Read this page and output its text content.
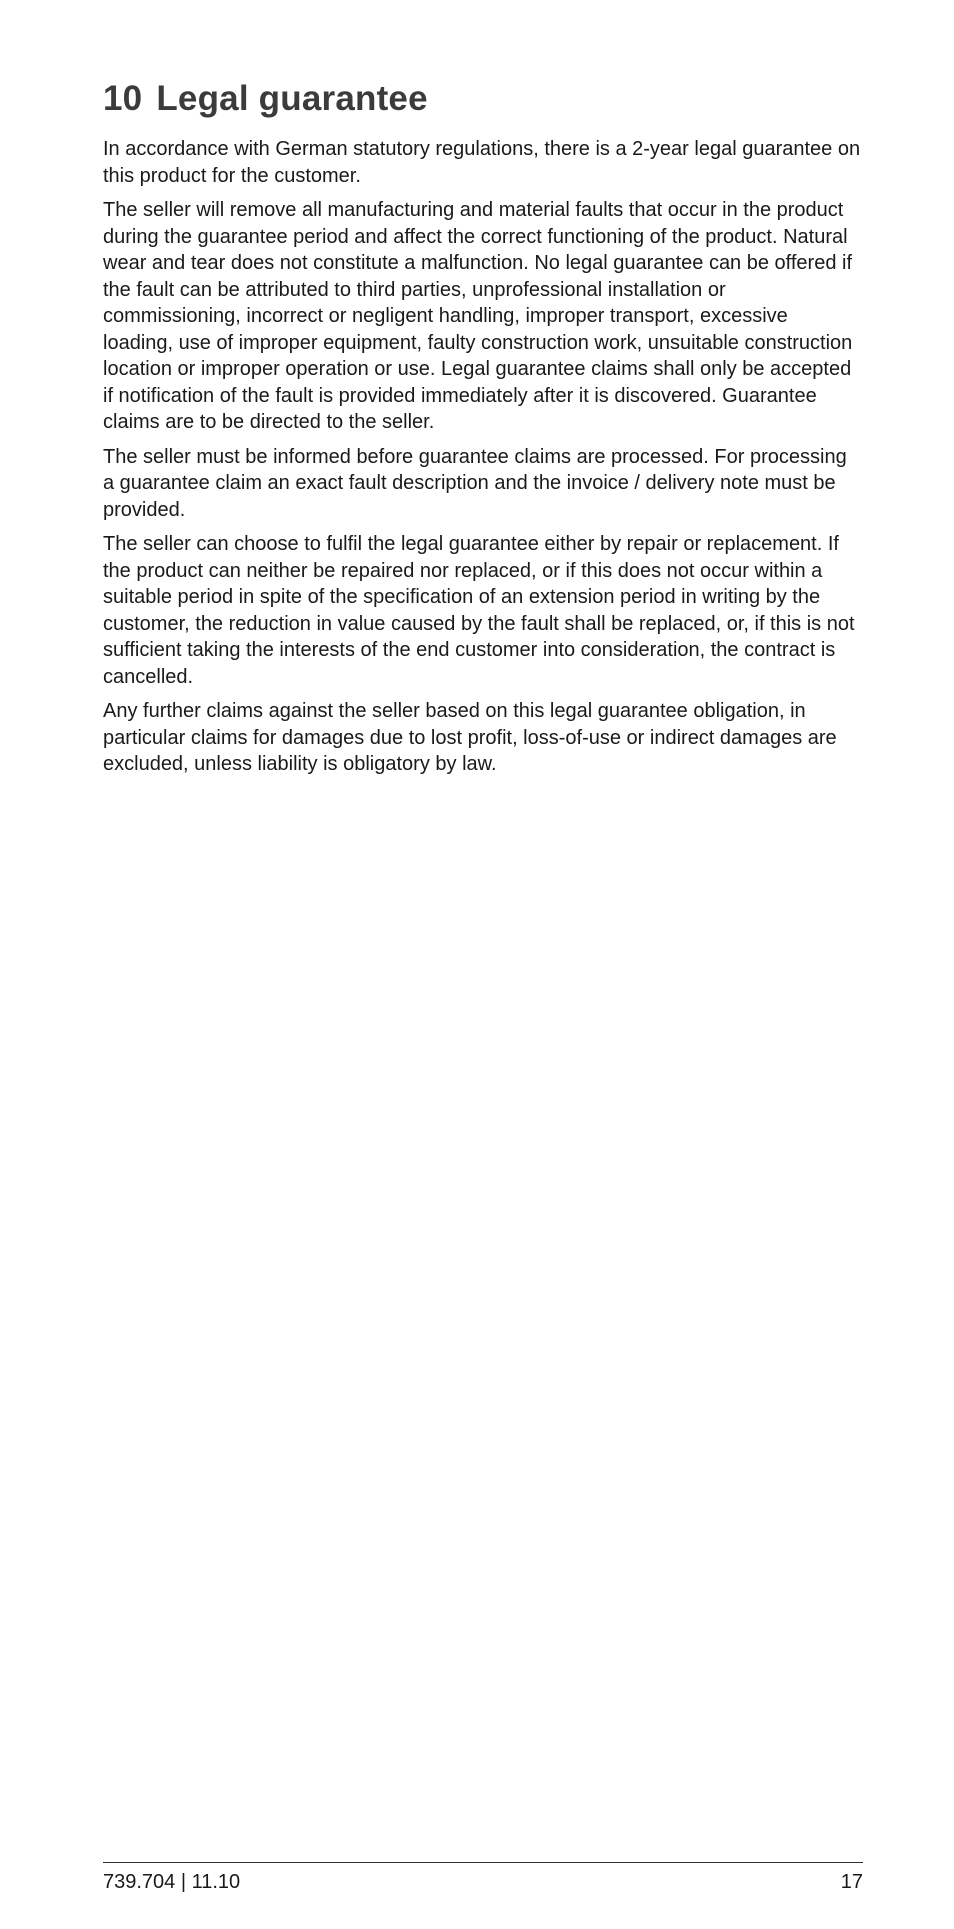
10 Legal guarantee

In accordance with German statutory regulations, there is a 2-year legal guarantee on this product for the customer.

The seller will remove all manufacturing and material faults that occur in the product during the guarantee period and affect the correct functioning of the product. Natural wear and tear does not constitute a malfunction. No legal guarantee can be offered if the fault can be attributed to third parties, unprofessional installation or commissioning, incorrect or negligent handling, improper transport, excessive loading, use of improper equipment, faulty construction work, unsuitable construction location or improper operation or use. Legal guarantee claims shall only be accepted if notification of the fault is provided immediately after it is discovered. Guarantee claims are to be directed to the seller.

The seller must be informed before guarantee claims are processed. For processing a guarantee claim an exact fault description and the invoice / delivery note must be provided.

The seller can choose to fulfil the legal guarantee either by repair or replacement. If the product can neither be repaired nor replaced, or if this does not occur within a suitable period in spite of the specification of an extension period in writing by the customer, the reduction in value caused by the fault shall be replaced, or, if this is not sufficient taking the interests of the end customer into consideration, the contract is cancelled.

Any further claims against the seller based on this legal guarantee obligation, in particular claims for damages due to lost profit, loss-of-use or indirect damages are excluded, unless liability is obligatory by law.

739.704 | 11.10	17
